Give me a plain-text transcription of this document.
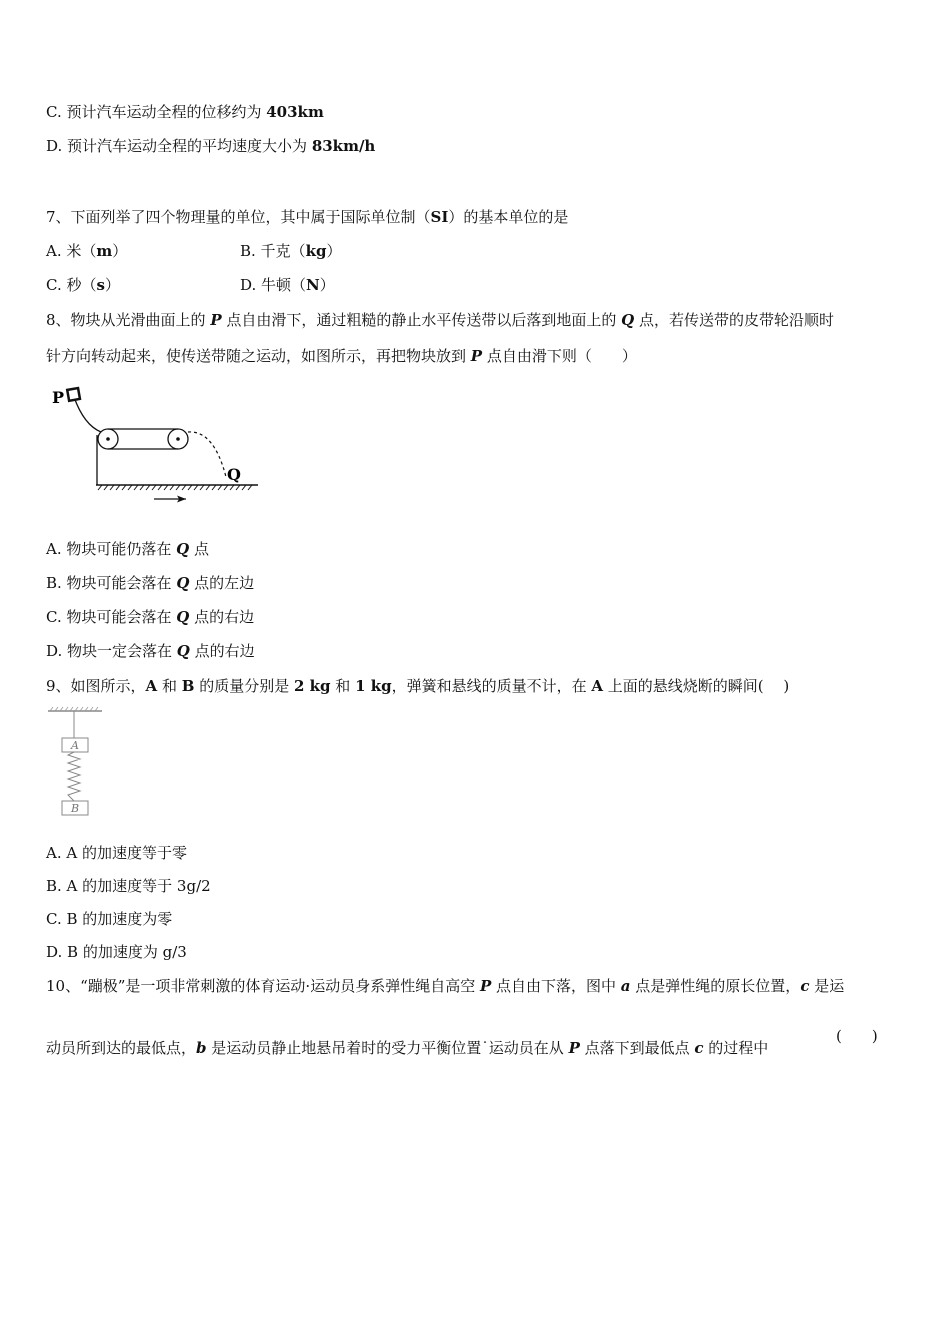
C. 预计汽车运动全程的位移约为 403km
D. 预计汽车运动全程的平均速度大小为 83km/h
7、下面列举了四个物理量的单位，其中属于国际单位制（SI）的基本单位的是
A. 米（m）	B. 千克（kg）
C. 秒（s）	D. 牛顿（N）
8、物块从光滑曲面上的 P 点自由滑下，通过粗糙的静止水平传送带以后落到地面上的 Q 点，若传送带的皮带轮沿顺时
针方向转动起来，使传送带随之运动，如图所示，再把物块放到 P 点自由滑下则（　　）
P
Q
A. 物块可能仍落在 Q 点
B. 物块可能会落在 Q 点的左边
C. 物块可能会落在 Q 点的右边
D. 物块一定会落在 Q 点的右边
9、如图所示，A 和 B 的质量分别是 2 kg 和 1 kg，弹簧和悬线的质量不计，在 A 上面的悬线烧断的瞬间(　 )
A
B
A. A 的加速度等于零
B. A 的加速度等于 3g/2
C. B 的加速度为零
D. B 的加速度为 g/3
10、“蹦极”是一项非常刺激的体育运动·运动员身系弹性绳自高空 P 点自由下落，图中 a 点是弹性绳的原长位置，c 是运
动员所到达的最低点，b 是运动员静止地悬吊着时的受力平衡位置˙运动员在从 P 点落下到最低点 c 的过程中
(　　)
